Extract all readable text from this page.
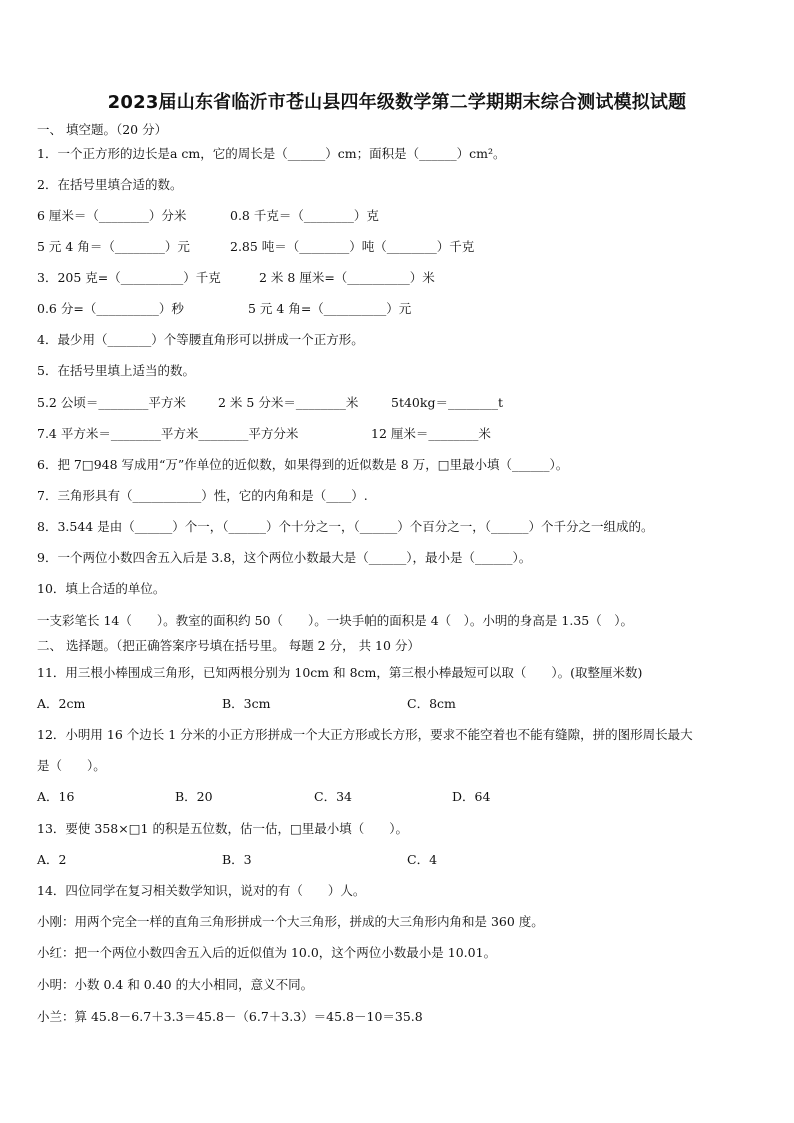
2023届山东省临沂市苍山县四年级数学第二学期期末综合测试模拟试题
一、 填空题。（20 分）
1．一个正方形的边长是a cm，它的周长是（______）cm；面积是（______）cm²。
2．在括号里填合适的数。
6 厘米＝（________）分米	0.8 千克＝（________）克
5 元 4 角＝（________）元	2.85 吨＝（________）吨（________）千克
3．205 克=（__________）千克	2 米 8 厘米=（__________）米
0.6 分=（__________）秒	5 元 4 角=（__________）元
4．最少用（_______）个等腰直角形可以拼成一个正方形。
5．在括号里填上适当的数。
5.2 公顷＝________平方米	2 米 5 分米＝________米	5t40kg＝________t
7.4 平方米＝________平方米________平方分米	12 厘米＝________米
6．把 7□948 写成用“万”作单位的近似数，如果得到的近似数是 8 万，□里最小填（______）。
7．三角形具有（___________）性，它的内角和是（____）.
8．3.544 是由（______）个一，（______）个十分之一，（______）个百分之一，（______）个千分之一组成的。
9．一个两位小数四舍五入后是 3.8，这个两位小数最大是（______），最小是（______）。
10．填上合适的单位。
一支彩笔长 14（　　）。教室的面积约 50（　　）。一块手帕的面积是 4（　）。小明的身高是 1.35（　）。
二、 选择题。（把正确答案序号填在括号里。 每题 2 分， 共 10 分）
11．用三根小棒围成三角形，已知两根分别为 10cm 和 8cm，第三根小棒最短可以取（　　）。(取整厘米数)
A．2cm	B．3cm	C．8cm
12．小明用 16 个边长 1 分米的小正方形拼成一个大正方形或长方形，要求不能空着也不能有缝隙，拼的图形周长最大
是（　　）。
A．16	B．20	C．34	D．64
13．要使 358×□1 的积是五位数，估一估，□里最小填（　　）。
A．2	B．3	C．4
14．四位同学在复习相关数学知识，说对的有（　　）人。
小刚：用两个完全一样的直角三角形拼成一个大三角形，拼成的大三角形内角和是 360 度。
小红：把一个两位小数四舍五入后的近似值为 10.0，这个两位小数最小是 10.01。
小明：小数 0.4 和 0.40 的大小相同，意义不同。
小兰：算 45.8－6.7＋3.3＝45.8－（6.7＋3.3）＝45.8－10＝35.8
